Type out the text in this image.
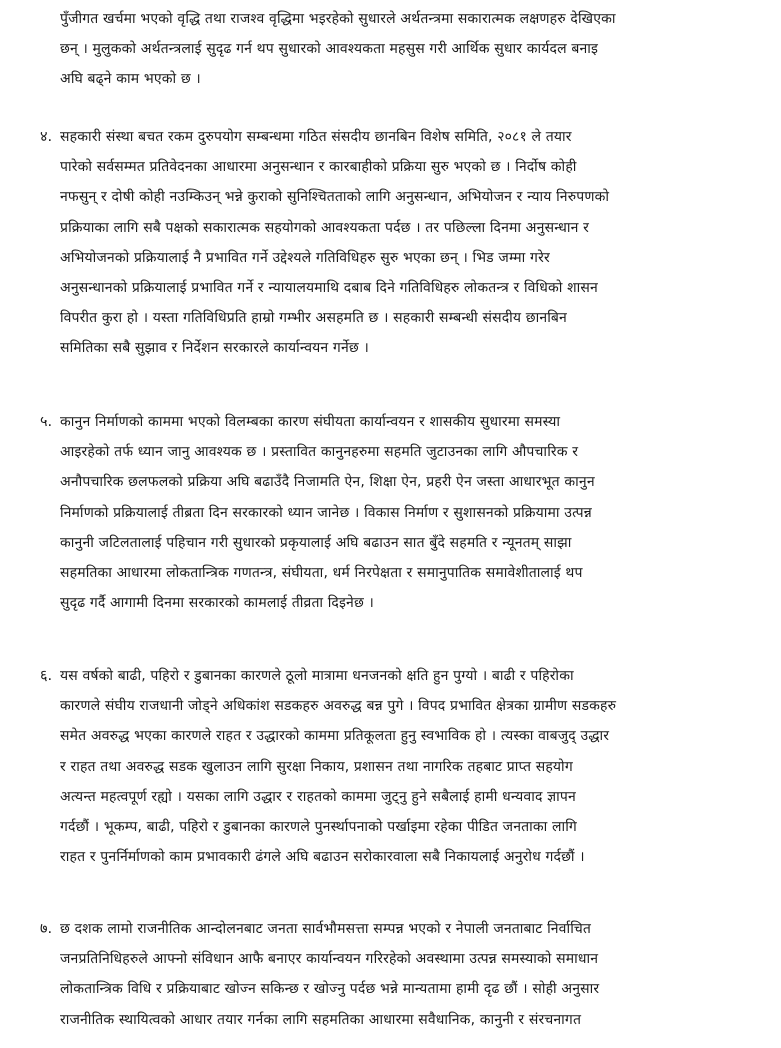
पुँजीगत खर्चमा भएको वृद्धि तथा राजश्व वृद्धिमा भइरहेको सुधारले अर्थतन्त्रमा सकारात्मक लक्षणहरु देखिएका
छन् । मुलुकको अर्थतन्त्रलाई सुदृढ गर्न थप सुधारको आवश्यकता महसुस गरी आर्थिक सुधार कार्यदल बनाइ
अघि बढ्ने काम भएको छ ।
४. सहकारी संस्था बचत रकम दुरुपयोग सम्बन्धमा गठित संसदीय छानबिन विशेष समिति, २०८१ ले तयार
पारेको सर्वसम्मत प्रतिवेदनका आधारमा अनुसन्धान र कारबाहीको प्रक्रिया सुरु भएको छ । निर्दोष कोही
नफसुन् र दोषी कोही नउम्किउन् भन्ने कुराको सुनिश्चितताको लागि अनुसन्धान, अभियोजन र न्याय निरुपणको
प्रक्रियाका लागि सबै पक्षको सकारात्मक सहयोगको आवश्यकता पर्दछ । तर पछिल्ला दिनमा अनुसन्धान र
अभियोजनको प्रक्रियालाई नै प्रभावित गर्ने उद्देश्यले गतिविधिहरु सुरु भएका छन् । भिड जम्मा गरेर
अनुसन्धानको प्रक्रियालाई प्रभावित गर्ने र न्यायालयमाथि दबाब दिने गतिविधिहरु लोकतन्त्र र विधिको शासन
विपरीत कुरा हो । यस्ता गतिविधिप्रति हाम्रो गम्भीर असहमति छ । सहकारी सम्बन्धी संसदीय छानबिन
समितिका सबै सुझाव र निर्देशन सरकारले कार्यान्वयन गर्नेछ ।
५. कानुन निर्माणको काममा भएको विलम्बका कारण संघीयता कार्यान्वयन र शासकीय सुधारमा समस्या
आइरहेको तर्फ ध्यान जानु आवश्यक छ । प्रस्तावित कानुनहरुमा सहमति जुटाउनका लागि औपचारिक र
अनौपचारिक छलफलको प्रक्रिया अघि बढाउँदै निजामति ऐन, शिक्षा ऐन, प्रहरी ऐन जस्ता आधारभूत कानुन
निर्माणको प्रक्रियालाई तीब्रता दिन सरकारको ध्यान जानेछ । विकास निर्माण र सुशासनको प्रक्रियामा उत्पन्न
कानुनी जटिलतालाई पहिचान गरी सुधारको प्रकृयालाई अघि बढाउन सात बुँदे सहमति र न्यूनतम् साझा
सहमतिका आधारमा लोकतान्त्रिक गणतन्त्र, संघीयता, धर्म निरपेक्षता र समानुपातिक समावेशीतालाई थप
सुदृढ गर्दै आगामी दिनमा सरकारको कामलाई तीव्रता दिइनेछ ।
६. यस वर्षको बाढी, पहिरो र डुबानका कारणले ठूलो मात्रामा धनजनको क्षति हुन पुग्यो । बाढी र पहिरोका
कारणले संघीय राजधानी जोड्ने अधिकांश सडकहरु अवरुद्ध बन्न पुगे । विपद प्रभावित क्षेत्रका ग्रामीण सडकहरु
समेत अवरुद्ध भएका कारणले राहत र उद्धारको काममा प्रतिकूलता हुनु स्वभाविक हो । त्यस्का वाबजुद् उद्धार
र राहत तथा अवरुद्ध सडक खुलाउन लागि सुरक्षा निकाय, प्रशासन तथा नागरिक तहबाट प्राप्त सहयोग
अत्यन्त महत्वपूर्ण रह्यो । यसका लागि उद्धार र राहतको काममा जुट्नु हुने सबैलाई हामी धन्यवाद ज्ञापन
गर्दछौं । भूकम्प, बाढी, पहिरो र डुबानका कारणले पुनर्स्थापनाको पर्खाइमा रहेका पीडित जनताका लागि
राहत र पुनर्निर्माणको काम प्रभावकारी ढंगले अघि बढाउन सरोकारवाला सबै निकायलाई अनुरोध गर्दछौं ।
७. छ दशक लामो राजनीतिक आन्दोलनबाट जनता सार्वभौमसत्ता सम्पन्न भएको र नेपाली जनताबाट निर्वाचित
जनप्रतिनिधिहरुले आफ्नो संविधान आफै बनाएर कार्यान्वयन गरिरहेको अवस्थामा उत्पन्न समस्याको समाधान
लोकतान्त्रिक विधि र प्रक्रियाबाट खोज्न सकिन्छ र खोज्नु पर्दछ भन्ने मान्यतामा हामी दृढ छौं । सोही अनुसार
राजनीतिक स्थायित्वको आधार तयार गर्नका लागि सहमतिका आधारमा सवैधानिक, कानुनी र संरचनागत
